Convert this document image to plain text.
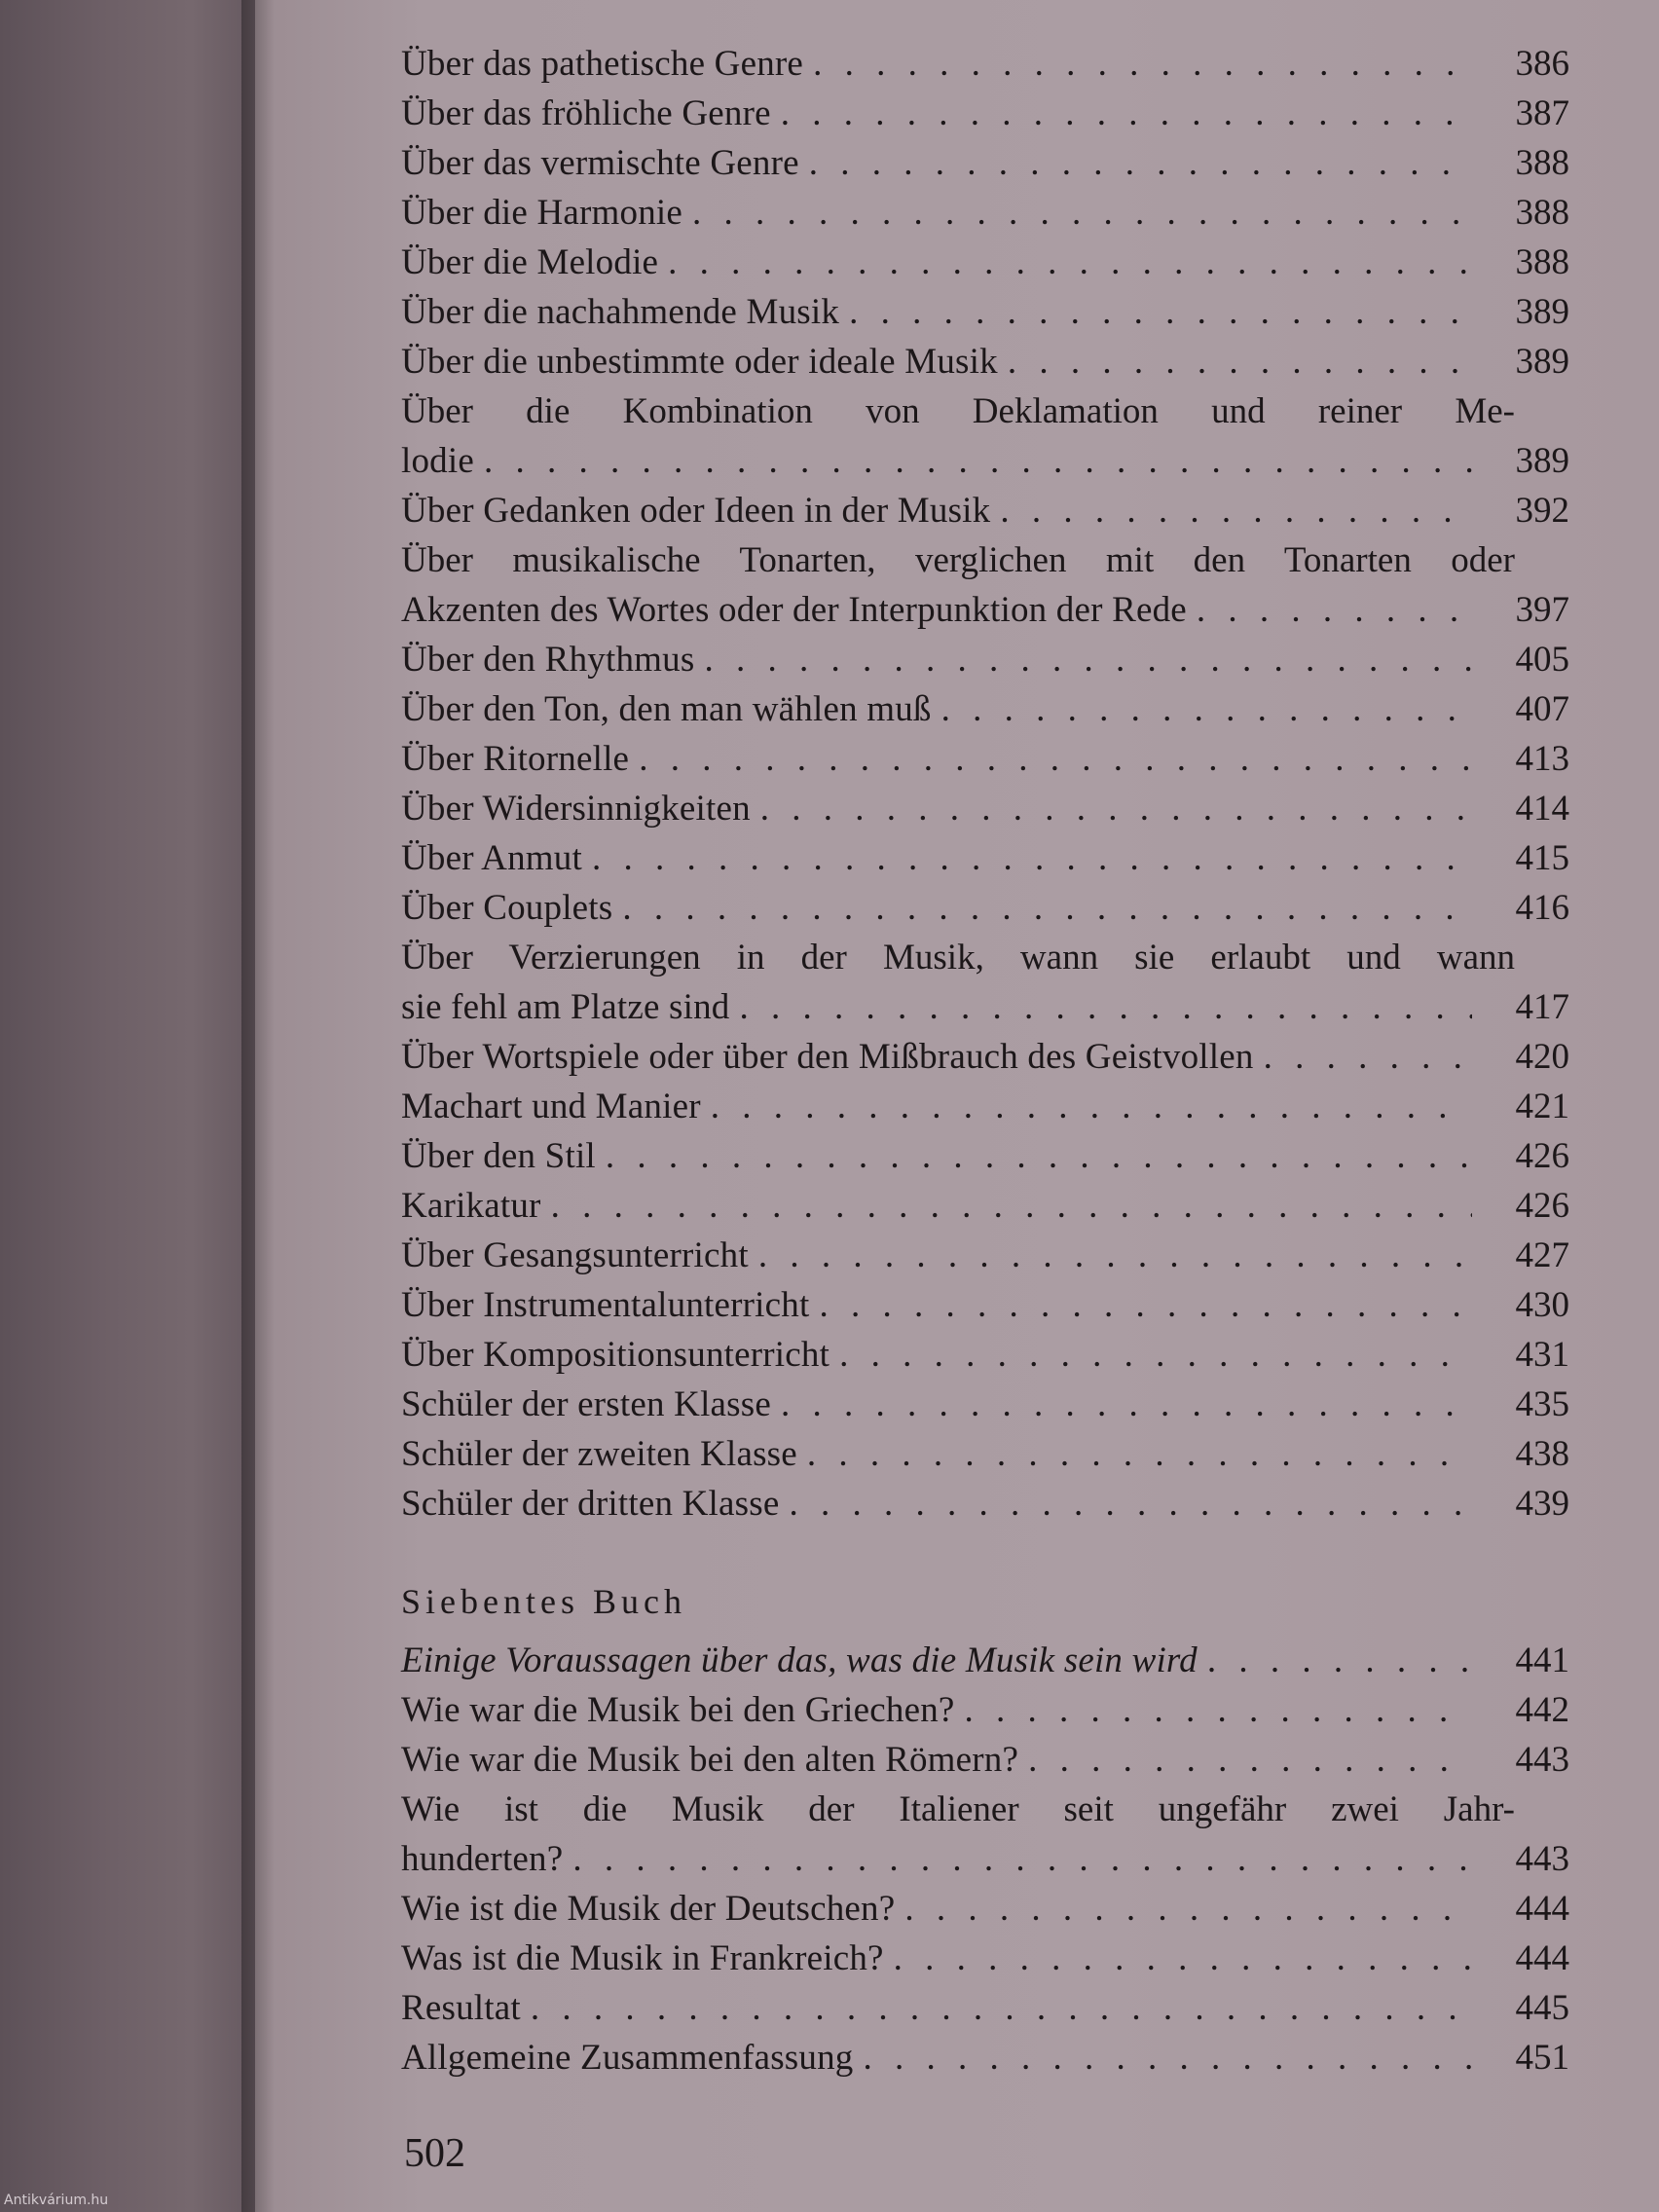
Über das pathetische Genre . . .	386
Über das fröhliche Genre . . .	387
Über das vermischte Genre . . .	388
Über die Harmonie . . .	388
Über die Melodie . . .	388
Über die nachahmende Musik . . .	389
Über die unbestimmte oder ideale Musik . . .	389
Über die Kombination von Deklamation und reiner Me-
lodie . . .	389
Über Gedanken oder Ideen in der Musik . . .	392
Über musikalische Tonarten, verglichen mit den Tonarten oder
Akzenten des Wortes oder der Interpunktion der Rede . . .	397
Über den Rhythmus . . .	405
Über den Ton, den man wählen muß . . .	407
Über Ritornelle . . .	413
Über Widersinnigkeiten . . .	414
Über Anmut . . .	415
Über Couplets . . .	416
Über Verzierungen in der Musik, wann sie erlaubt und wann
sie fehl am Platze sind . . .	417
Über Wortspiele oder über den Mißbrauch des Geistvollen . . .	420
Machart und Manier . . .	421
Über den Stil . . .	426
Karikatur . . .	426
Über Gesangsunterricht . . .	427
Über Instrumentalunterricht . . .	430
Über Kompositionsunterricht . . .	431
Schüler der ersten Klasse . . .	435
Schüler der zweiten Klasse . . .	438
Schüler der dritten Klasse . . .	439
Siebentes Buch
Einige Voraussagen über das, was die Musik sein wird . . .	441
Wie war die Musik bei den Griechen? . . .	442
Wie war die Musik bei den alten Römern? . . .	443
Wie ist die Musik der Italiener seit ungefähr zwei Jahr-
hunderten? . . .	443
Wie ist die Musik der Deutschen? . . .	444
Was ist die Musik in Frankreich? . . .	444
Resultat . . .	445
Allgemeine Zusammenfassung . . .	451
502
Antikvárium.hu
